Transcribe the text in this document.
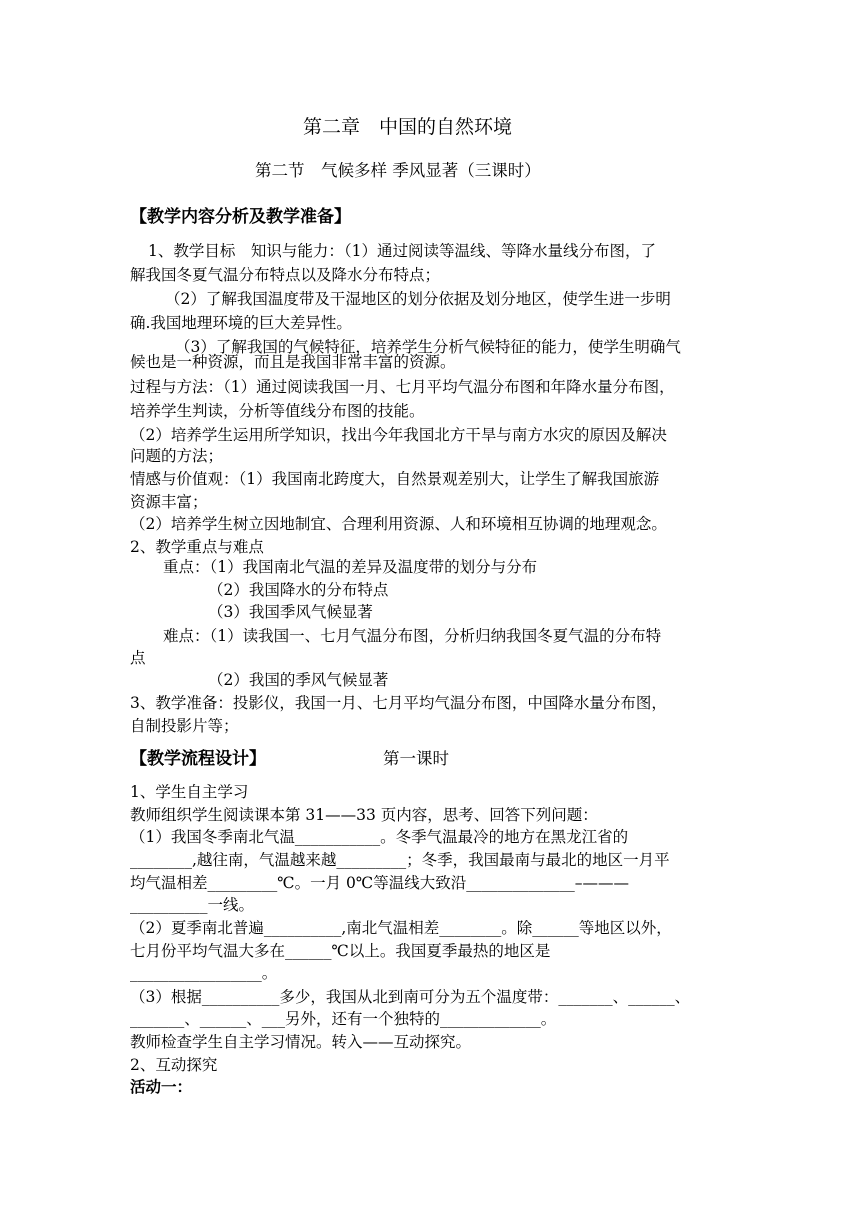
第二章　中国的自然环境
第二节　气候多样 季风显著（三课时）
【教学内容分析及教学准备】
1、教学目标　知识与能力：（1）通过阅读等温线、等降水量线分布图，了
解我国冬夏气温分布特点以及降水分布特点；
（2）了解我国温度带及干湿地区的划分依据及划分地区，使学生进一步明
确.我国地理环境的巨大差异性。
（3）了解我国的气候特征，培养学生分析气候特征的能力，使学生明确气
候也是一种资源，而且是我国非常丰富的资源。
过程与方法：（1）通过阅读我国一月、七月平均气温分布图和年降水量分布图，
培养学生判读，分析等值线分布图的技能。
（2）培养学生运用所学知识，找出今年我国北方干旱与南方水灾的原因及解决
问题的方法；
情感与价值观：（1）我国南北跨度大，自然景观差别大，让学生了解我国旅游
资源丰富；
（2）培养学生树立因地制宜、合理利用资源、人和环境相互协调的地理观念。
2、教学重点与难点
重点：（1）我国南北气温的差异及温度带的划分与分布
（2）我国降水的分布特点
（3）我国季风气候显著
难点：（1）读我国一、七月气温分布图，分析归纳我国冬夏气温的分布特
点
（2）我国的季风气候显著
3、教学准备：投影仪，我国一月、七月平均气温分布图，中国降水量分布图，
自制投影片等；
【教学流程设计】	第一课时
1、学生自主学习
教师组织学生阅读课本第 31——33 页内容，思考、回答下列问题：
（1）我国冬季南北气温___________。冬季气温最冷的地方在黑龙江省的
________,越往南，气温越来越_________；冬季，我国最南与最北的地区一月平
均气温相差_________℃。一月 0℃等温线大致沿______________–———
__________一线。
（2）夏季南北普遍__________,南北气温相差________。除______等地区以外，
七月份平均气温大多在______℃以上。我国夏季最热的地区是
_________________。
（3）根据__________多少，我国从北到南可分为五个温度带：_______、______、
_______、______、___另外，还有一个独特的_____________。
教师检查学生自主学习情况。转入——互动探究。
2、互动探究
活动一：
